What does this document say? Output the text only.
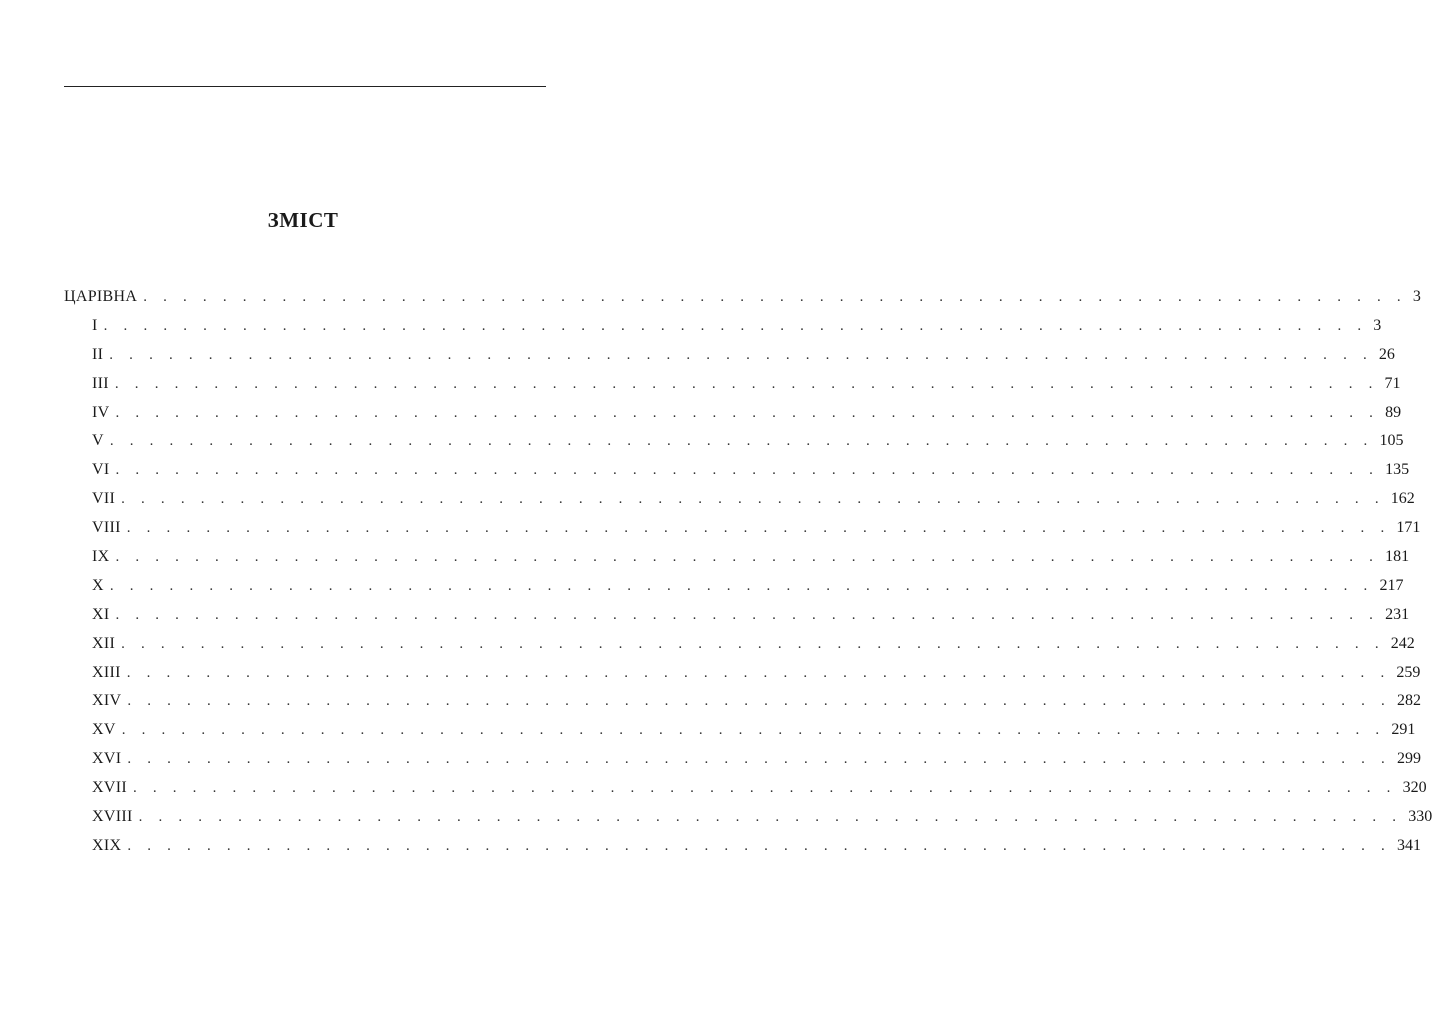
ЗМІСТ
ЦАРІВНА . . . . . . . . . . . . . . . . . . . . . . . . . . . . . . . . . . . . . . . . . . . . . . . . . . . . . . . . . . . . . . . . 3
I . . . . . . . . . . . . . . . . . . . . . . . . . . . . . . . . . . . . . . . . . . . . . . . . . . . . . . . . . . . . . . . . 3
II . . . . . . . . . . . . . . . . . . . . . . . . . . . . . . . . . . . . . . . . . . . . . . . . . . . . . . . . . . . . . . . . 26
III . . . . . . . . . . . . . . . . . . . . . . . . . . . . . . . . . . . . . . . . . . . . . . . . . . . . . . . . . . . . . . . . 71
IV . . . . . . . . . . . . . . . . . . . . . . . . . . . . . . . . . . . . . . . . . . . . . . . . . . . . . . . . . . . . . . . . 89
V . . . . . . . . . . . . . . . . . . . . . . . . . . . . . . . . . . . . . . . . . . . . . . . . . . . . . . . . . . . . . . . . 105
VI . . . . . . . . . . . . . . . . . . . . . . . . . . . . . . . . . . . . . . . . . . . . . . . . . . . . . . . . . . . . . . . . 135
VII . . . . . . . . . . . . . . . . . . . . . . . . . . . . . . . . . . . . . . . . . . . . . . . . . . . . . . . . . . . . . . . . 162
VIII . . . . . . . . . . . . . . . . . . . . . . . . . . . . . . . . . . . . . . . . . . . . . . . . . . . . . . . . . . . . . . . . 171
IX . . . . . . . . . . . . . . . . . . . . . . . . . . . . . . . . . . . . . . . . . . . . . . . . . . . . . . . . . . . . . . . . 181
X . . . . . . . . . . . . . . . . . . . . . . . . . . . . . . . . . . . . . . . . . . . . . . . . . . . . . . . . . . . . . . . . 217
XI . . . . . . . . . . . . . . . . . . . . . . . . . . . . . . . . . . . . . . . . . . . . . . . . . . . . . . . . . . . . . . . . 231
XII . . . . . . . . . . . . . . . . . . . . . . . . . . . . . . . . . . . . . . . . . . . . . . . . . . . . . . . . . . . . . . . . 242
XIII . . . . . . . . . . . . . . . . . . . . . . . . . . . . . . . . . . . . . . . . . . . . . . . . . . . . . . . . . . . . . . . . 259
XIV . . . . . . . . . . . . . . . . . . . . . . . . . . . . . . . . . . . . . . . . . . . . . . . . . . . . . . . . . . . . . . . . 282
XV . . . . . . . . . . . . . . . . . . . . . . . . . . . . . . . . . . . . . . . . . . . . . . . . . . . . . . . . . . . . . . . . 291
XVI . . . . . . . . . . . . . . . . . . . . . . . . . . . . . . . . . . . . . . . . . . . . . . . . . . . . . . . . . . . . . . . . 299
XVII . . . . . . . . . . . . . . . . . . . . . . . . . . . . . . . . . . . . . . . . . . . . . . . . . . . . . . . . . . . . . . . . 320
XVIII . . . . . . . . . . . . . . . . . . . . . . . . . . . . . . . . . . . . . . . . . . . . . . . . . . . . . . . . . . . . . . . . 330
XIX . . . . . . . . . . . . . . . . . . . . . . . . . . . . . . . . . . . . . . . . . . . . . . . . . . . . . . . . . . . . . . . . 341
